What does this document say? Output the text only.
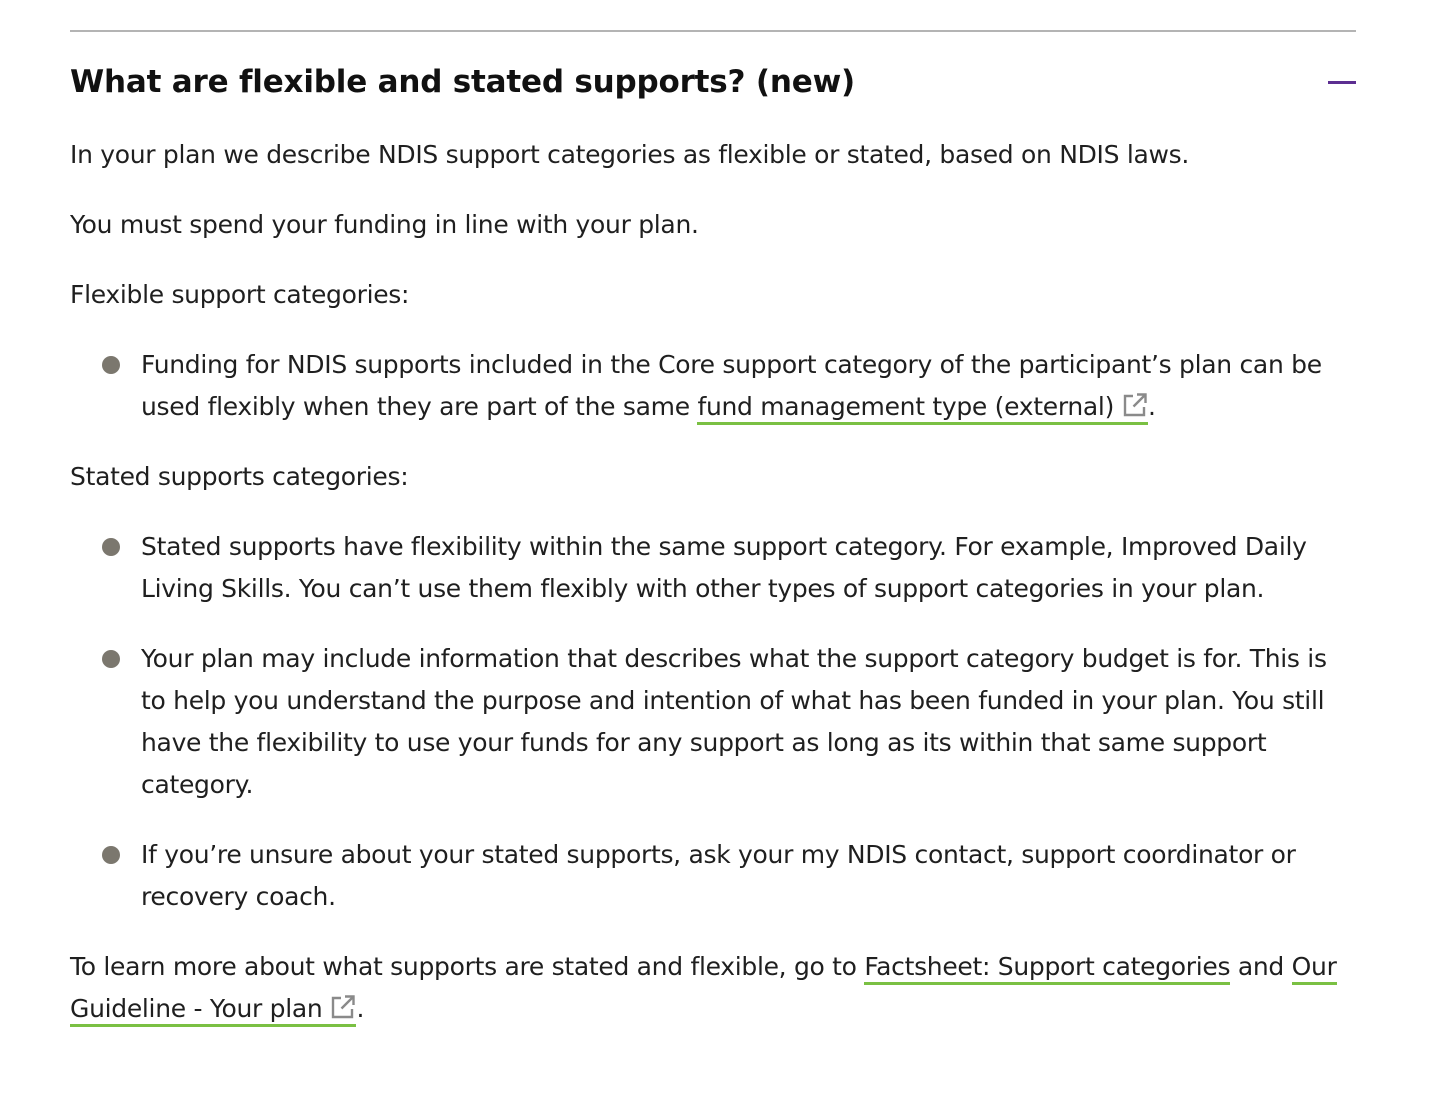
What are flexible and stated supports? (new)

In your plan we describe NDIS support categories as flexible or stated, based on NDIS laws.

You must spend your funding in line with your plan.

Flexible support categories:

Funding for NDIS supports included in the Core support category of the participant’s plan can be used flexibly when they are part of the same fund management type (external) .

Stated supports categories:

Stated supports have flexibility within the same support category. For example, Improved Daily Living Skills. You can’t use them flexibly with other types of support categories in your plan.
Your plan may include information that describes what the support category budget is for. This is to help you understand the purpose and intention of what has been funded in your plan. You still have the flexibility to use your funds for any support as long as its within that same support category.
If you’re unsure about your stated supports, ask your my NDIS contact, support coordinator or recovery coach.

To learn more about what supports are stated and flexible, go to Factsheet: Support categories and Our Guideline - Your plan .
